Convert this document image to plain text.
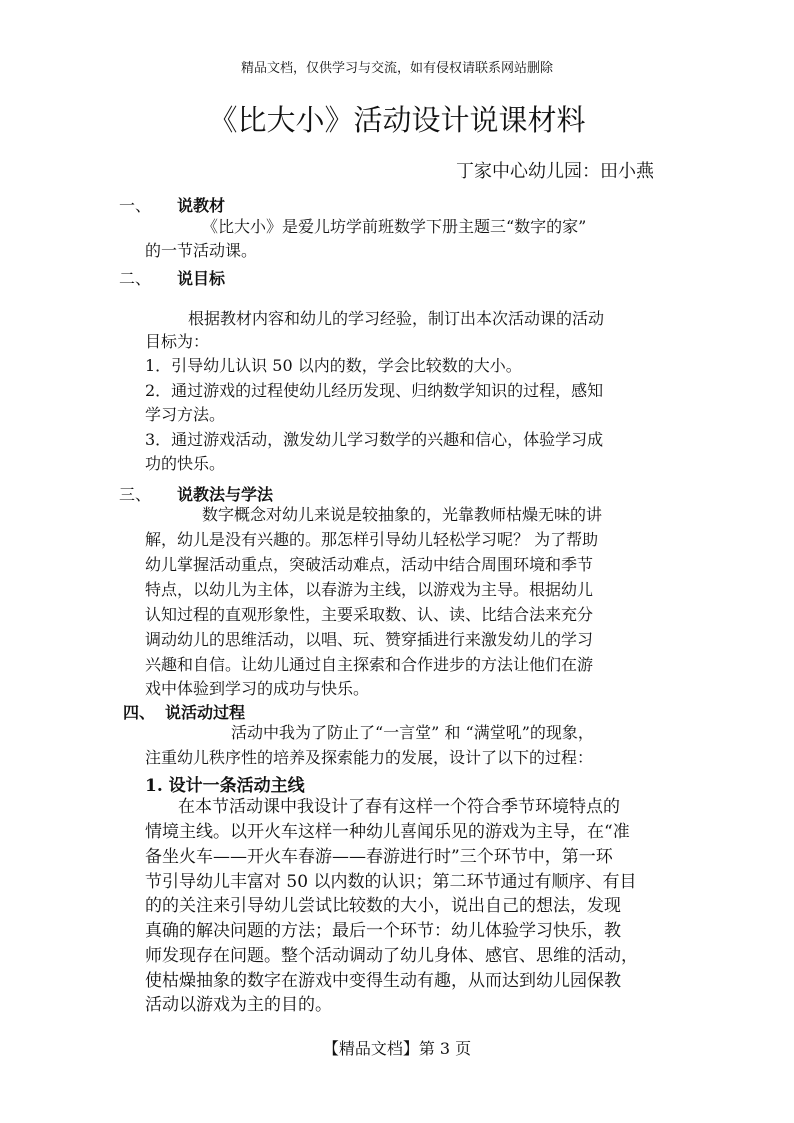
精品文档，仅供学习与交流，如有侵权请联系网站删除
《比大小》活动设计说课材料
丁家中心幼儿园：田小燕
一、 说教材
《比大小》是爱儿坊学前班数学下册主题三“数字的家”
的一节活动课。
二、 说目标
根据教材内容和幼儿的学习经验，制订出本次活动课的活动
目标为：
1．引导幼儿认识 50 以内的数，学会比较数的大小。
2．通过游戏的过程使幼儿经历发现、归纳数学知识的过程，感知
学习方法。
3．通过游戏活动，激发幼儿学习数学的兴趣和信心，体验学习成
功的快乐。
三、 说教法与学法
数字概念对幼儿来说是较抽象的，光靠教师枯燥无味的讲
解，幼儿是没有兴趣的。那怎样引导幼儿轻松学习呢？ 为了帮助
幼儿掌握活动重点，突破活动难点，活动中结合周围环境和季节
特点，以幼儿为主体，以春游为主线，以游戏为主导。根据幼儿
认知过程的直观形象性，主要采取数、认、读、比结合法来充分
调动幼儿的思维活动，以唱、玩、赞穿插进行来激发幼儿的学习
兴趣和自信。让幼儿通过自主探索和合作进步的方法让他们在游
戏中体验到学习的成功与快乐。
四、 说活动过程
活动中我为了防止了“一言堂” 和 “满堂吼”的现象，
注重幼儿秩序性的培养及探索能力的发展，设计了以下的过程：
1. 设计一条活动主线
在本节活动课中我设计了春有这样一个符合季节环境特点的
情境主线。以开火车这样一种幼儿喜闻乐见的游戏为主导，在“准
备坐火车——开火车春游——春游进行时”三个环节中，第一环
节引导幼儿丰富对 50 以内数的认识；第二环节通过有顺序、有目
的的关注来引导幼儿尝试比较数的大小，说出自己的想法，发现
真确的解决问题的方法；最后一个环节：幼儿体验学习快乐，教
师发现存在问题。整个活动调动了幼儿身体、感官、思维的活动，
使枯燥抽象的数字在游戏中变得生动有趣，从而达到幼儿园保教
活动以游戏为主的目的。
【精品文档】第 3 页
